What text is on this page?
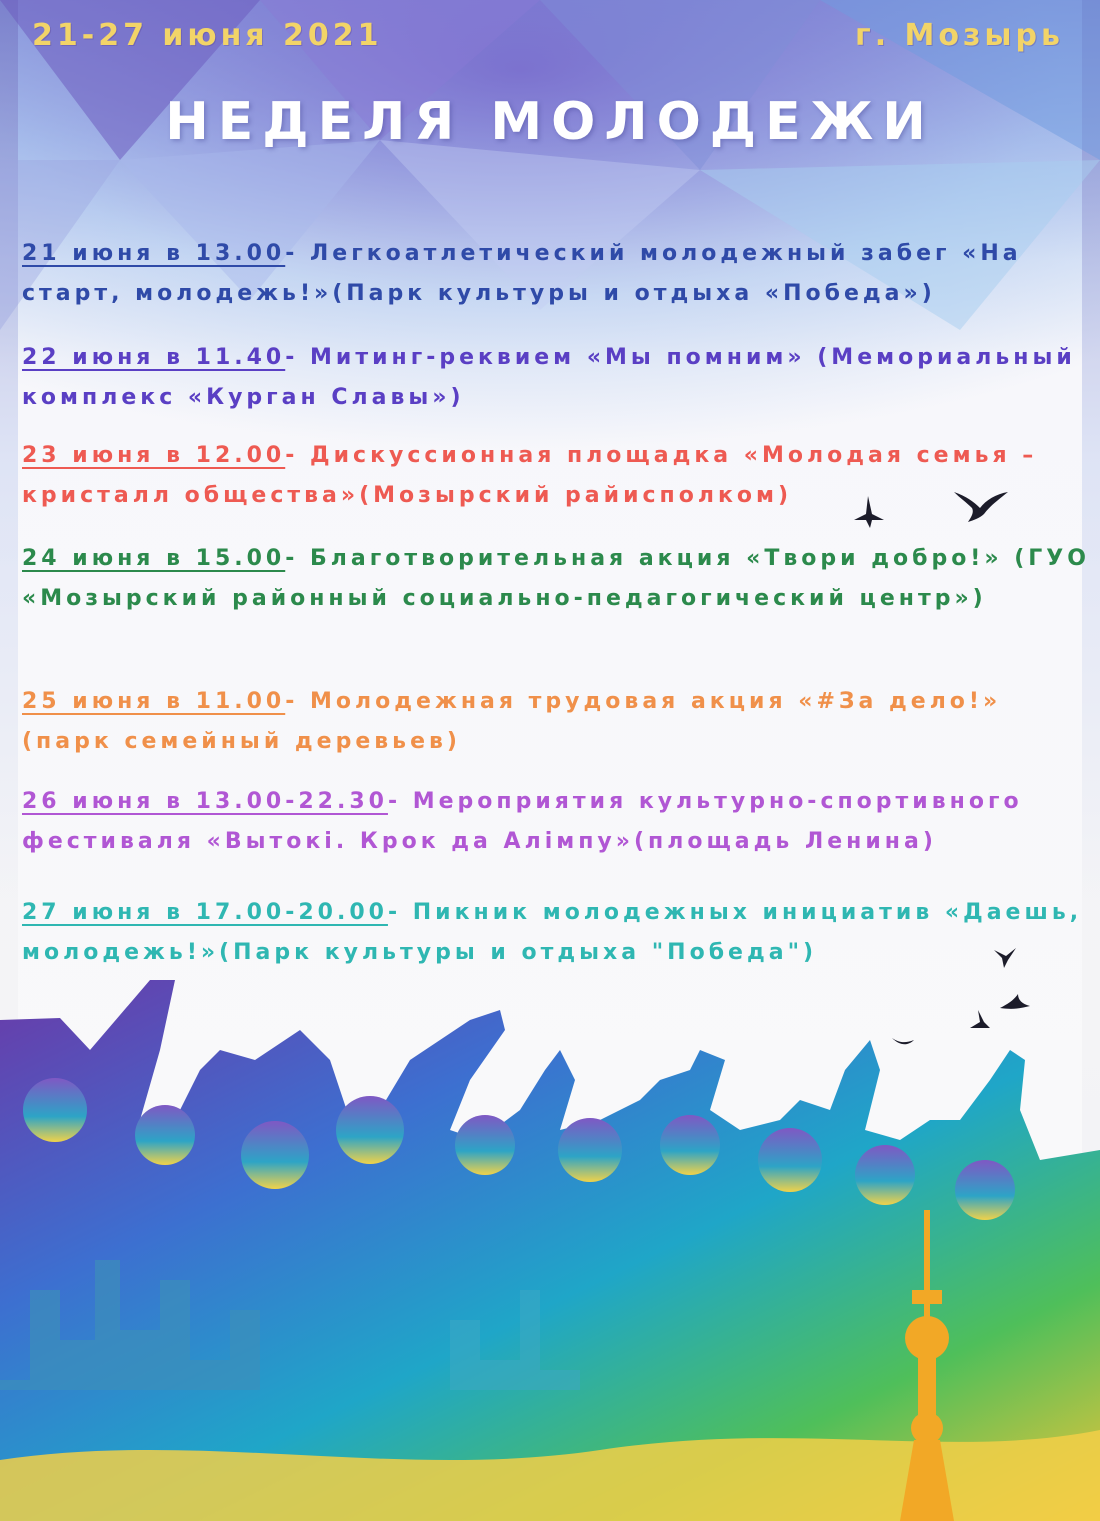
21-27 июня 2021	г. Мозырь
НЕДЕЛЯ МОЛОДЕЖИ
21 июня в 13.00- Легкоатлетический молодежный забег «На старт, молодежь!»(Парк культуры и отдыха «Победа»)
22 июня в 11.40- Митинг-реквием «Мы помним» (Мемориальный комплекс «Курган Славы»)
23 июня в 12.00- Дискуссионная площадка «Молодая семья – кристалл общества»(Мозырский райисполком)
24 июня в 15.00- Благотворительная акция «Твори добро!» (ГУО «Мозырский районный социально-педагогический центр»)
25 июня в 11.00- Молодежная трудовая акция «#За дело!» (парк семейный деревьев)
26 июня в 13.00-22.30- Мероприятия культурно-спортивного фестиваля «Вытокі. Крок да Алімпу»(площадь Ленина)
27 июня в 17.00-20.00- Пикник молодежных инициатив «Даешь, молодежь!»(Парк культуры и отдыха "Победа")
